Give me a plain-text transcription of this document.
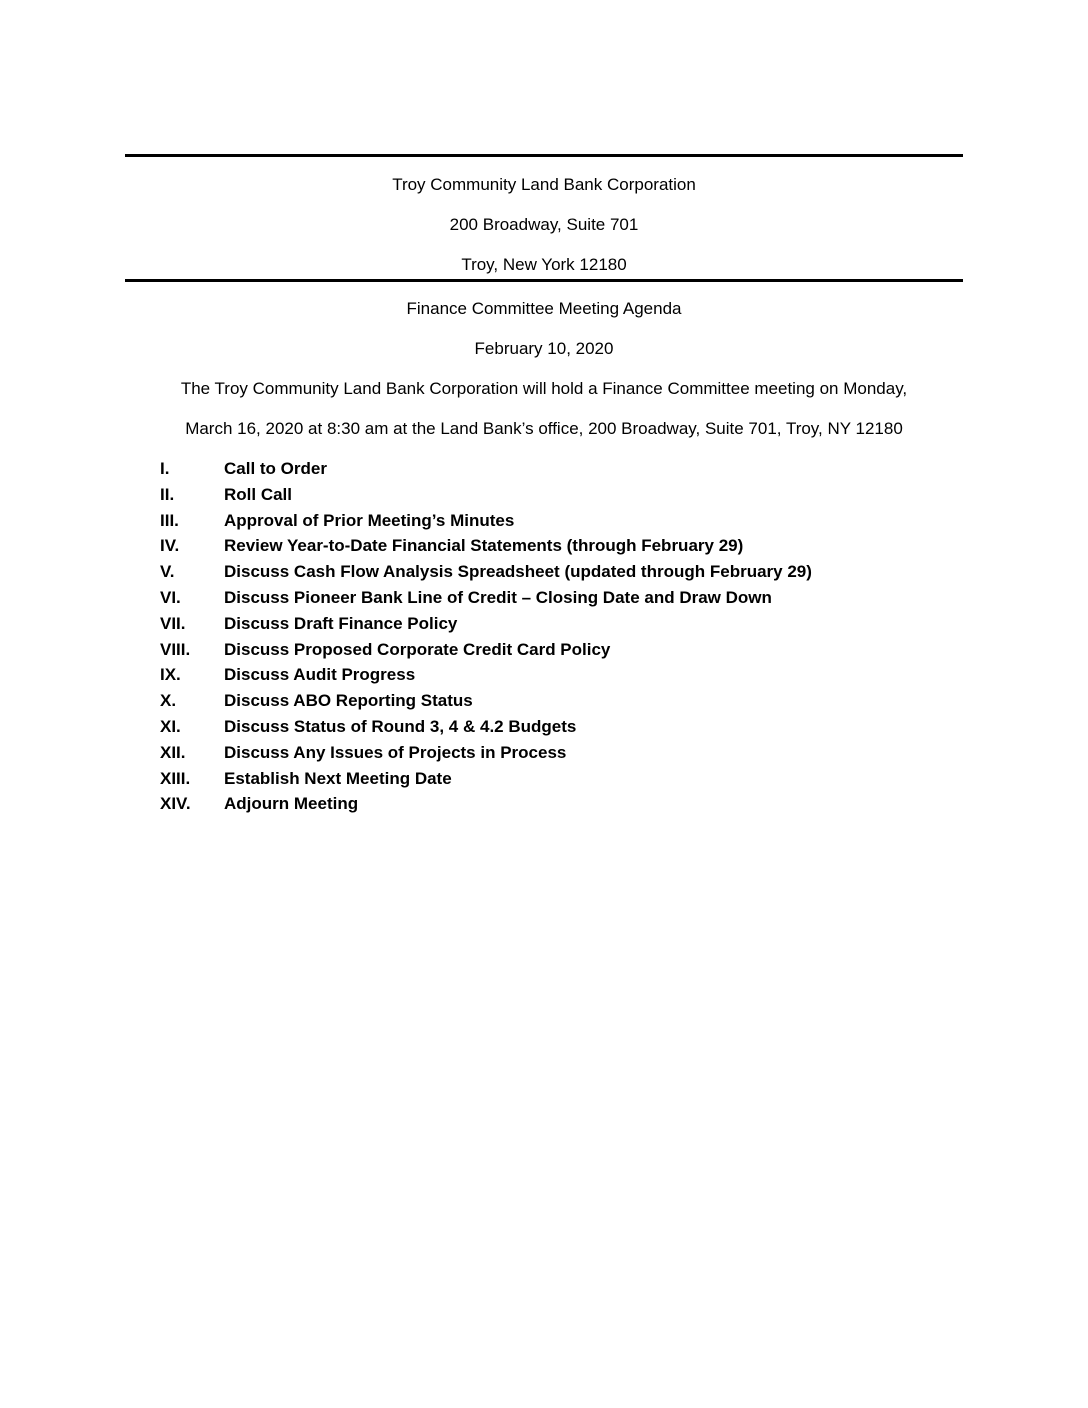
Troy Community Land Bank Corporation
200 Broadway, Suite 701
Troy, New York 12180
Finance Committee Meeting Agenda
February 10, 2020
The Troy Community Land Bank Corporation will hold a Finance Committee meeting on Monday,
March 16, 2020 at 8:30 am at the Land Bank’s office, 200 Broadway, Suite 701, Troy, NY 12180
I.	Call to Order
II.	Roll Call
III.	Approval of Prior Meeting’s Minutes
IV.	Review Year-to-Date Financial Statements (through February 29)
V.	Discuss Cash Flow Analysis Spreadsheet (updated through February 29)
VI.	Discuss Pioneer Bank Line of Credit – Closing Date and Draw Down
VII. Discuss Draft Finance Policy
VIII. Discuss Proposed Corporate Credit Card Policy
IX.	Discuss Audit Progress
X.	Discuss ABO Reporting Status
XI.	Discuss Status of Round 3, 4 & 4.2 Budgets
XII. Discuss Any Issues of Projects in Process
XIII. Establish Next Meeting Date
XIV. Adjourn Meeting
